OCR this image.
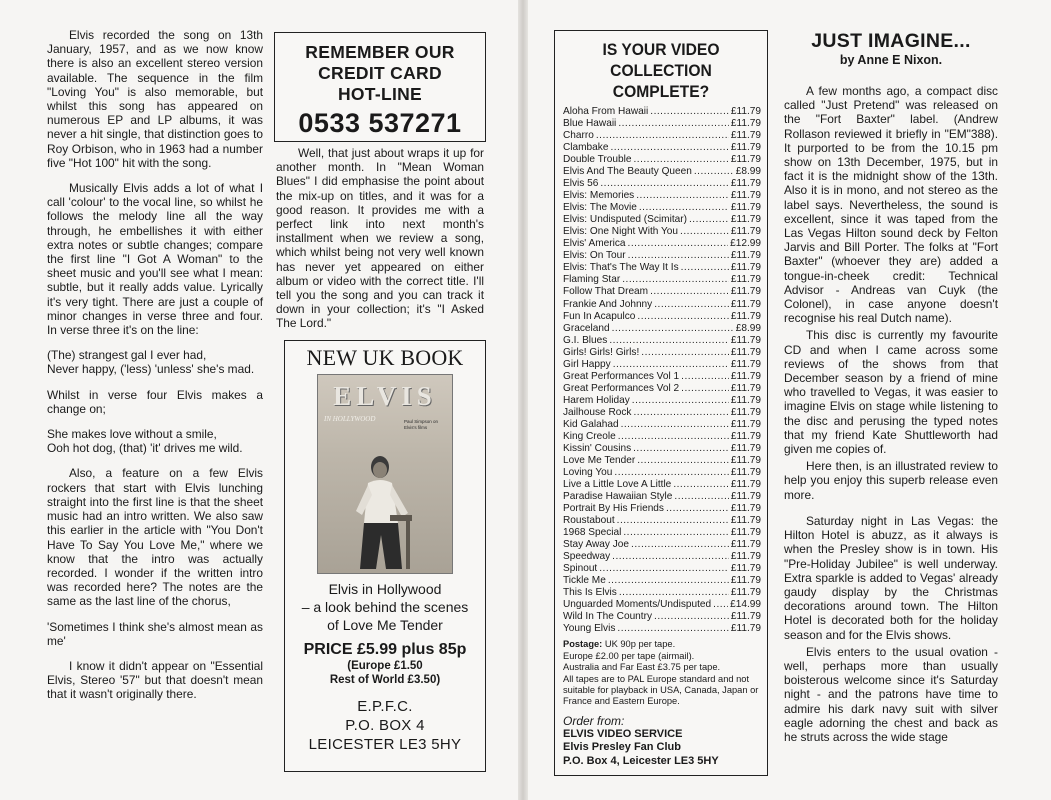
Elvis recorded the song on 13th January, 1957, and as we now know there is also an excellent stereo version available. The sequence in the film "Loving You" is also memorable, but whilst this song has appeared on numerous EP and LP albums, it was never a hit single, that distinction goes to Roy Orbison, who in 1963 had a number five "Hot 100" hit with the song.

Musically Elvis adds a lot of what I call 'colour' to the vocal line, so whilst he follows the melody line all the way through, he embellishes it with either extra notes or subtle changes; compare the first line "I Got A Woman" to the sheet music and you'll see what I mean: subtle, but it really adds value. Lyrically it's very tight. There are just a couple of minor changes in verse three and four. In verse three it's on the line:

(The) strangest gal I ever had,

Never happy, ('less) 'unless' she's mad.

Whilst in verse four Elvis makes a change on;

She makes love without a smile,

Ooh hot dog, (that) 'it' drives me wild.

Also, a feature on a few Elvis rockers that start with Elvis lunching straight into the first line is that the sheet music had an intro written. We also saw this earlier in the article with "You Don't Have To Say You Love Me," where we know that the intro was actually recorded. I wonder if the written intro was recorded here? The notes are the same as the last line of the chorus,

'Sometimes I think she's almost mean as me'

I know it didn't appear on "Essential Elvis, Stereo '57" but that doesn't mean that it wasn't originally there.

REMEMBER OUR
CREDIT CARD
HOT-LINE
0533 537271

Well, that just about wraps it up for another month. In "Mean Woman Blues" I did emphasise the point about the mix-up on titles, and it was for a good reason. It provides me with a perfect link into next month's installment when we review a song, which whilst being not very well known has never yet appeared on either album or video with the correct title. I'll tell you the song and you can track it down in your collection; it's "I Asked The Lord."

NEW UK BOOK
ELVIS
IN HOLLYWOOD	Paul Simpson on Elvis's films
Elvis in Hollywood
– a look behind the scenes
of Love Me Tender
PRICE £5.99 plus 85p
(Europe £1.50
Rest of World £3.50)
E.P.F.C.
P.O. BOX 4
LEICESTER LE3 5HY
IS YOUR VIDEO
COLLECTION COMPLETE?
Aloha From Hawaii .....	£11.79
Blue Hawaii .....	£11.79
Charro .....	£11.79
Clambake .....	£11.79
Double Trouble .....	£11.79
Elvis And The Beauty Queen .....	£8.99
Elvis 56 .....	£11.79
Elvis: Memories .....	£11.79
Elvis: The Movie .....	£11.79
Elvis: Undisputed (Scimitar) .....	£11.79
Elvis: One Night With You .....	£11.79
Elvis' America .....	£12.99
Elvis: On Tour .....	£11.79
Elvis: That's The Way It Is .....	£11.79
Flaming Star .....	£11.79
Follow That Dream .....	£11.79
Frankie And Johnny .....	£11.79
Fun In Acapulco .....	£11.79
Graceland .....	£8.99
G.I. Blues .....	£11.79
Girls! Girls! Girls! .....	£11.79
Girl Happy .....	£11.79
Great Performances Vol 1 .....	£11.79
Great Performances Vol 2 .....	£11.79
Harem Holiday .....	£11.79
Jailhouse Rock .....	£11.79
Kid Galahad .....	£11.79
King Creole .....	£11.79
Kissin' Cousins .....	£11.79
Love Me Tender .....	£11.79
Loving You .....	£11.79
Live a Little Love A Little .....	£11.79
Paradise Hawaiian Style .....	£11.79
Portrait By His Friends .....	£11.79
Roustabout .....	£11.79
1968 Special .....	£11.79
Stay Away Joe .....	£11.79
Speedway .....	£11.79
Spinout .....	£11.79
Tickle Me .....	£11.79
This Is Elvis .....	£11.79
Unguarded Moments/Undisputed ..... £14.99
Wild In The Country .....	£11.79
Young Elvis .....	£11.79
Postage: UK 90p per tape.
Europe £2.00 per tape (airmail).
Australia and Far East £3.75 per tape.
All tapes are to PAL Europe standard and not suitable for playback in USA, Canada, Japan or France and Eastern Europe.
Order from:
ELVIS VIDEO SERVICE
Elvis Presley Fan Club
P.O. Box 4, Leicester LE3 5HY
JUST IMAGINE...
by Anne E Nixon.

A few months ago, a compact disc called "Just Pretend" was released on the "Fort Baxter" label. (Andrew Rollason reviewed it briefly in "EM"388). It purported to be from the 10.15 pm show on 13th December, 1975, but in fact it is the midnight show of the 13th. Also it is in mono, and not stereo as the label says. Nevertheless, the sound is excellent, since it was taped from the Las Vegas Hilton sound deck by Felton Jarvis and Bill Porter. The folks at "Fort Baxter" (whoever they are) added a tongue-in-cheek credit: Technical Advisor - Andreas van Cuyk (the Colonel), in case anyone doesn't recognise his real Dutch name).

This disc is currently my favourite CD and when I came across some reviews of the shows from that December season by a friend of mine who travelled to Vegas, it was easier to imagine Elvis on stage while listening to the disc and perusing the typed notes that my friend Kate Shuttleworth had given me copies of.

Here then, is an illustrated review to help you enjoy this superb release even more.

Saturday night in Las Vegas: the Hilton Hotel is abuzz, as it always is when the Presley show is in town. His "Pre-Holiday Jubilee" is well underway. Extra sparkle is added to Vegas' already gaudy display by the Christmas decorations around town. The Hilton Hotel is decorated both for the holiday season and for the Elvis shows.

Elvis enters to the usual ovation - well, perhaps more than usually boisterous welcome since it's Saturday night - and the patrons have time to admire his dark navy suit with silver eagle adorning the chest and back as he struts across the wide stage
